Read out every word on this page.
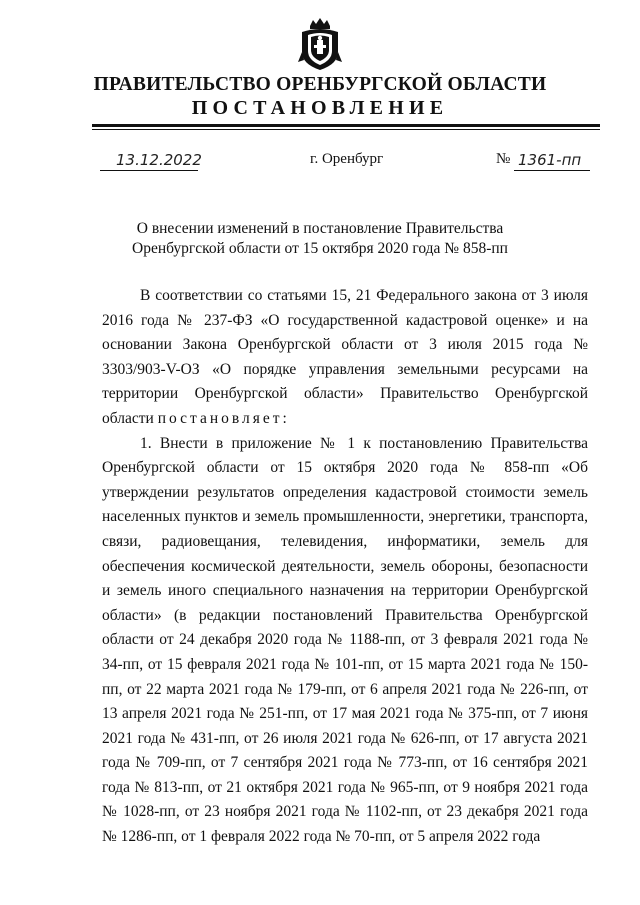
ПРАВИТЕЛЬСТВО ОРЕНБУРГСКОЙ ОБЛАСТИ
ПОСТАНОВЛЕНИЕ
13.12.2022	г. Оренбург	№ 1361-пп
О внесении изменений в постановление Правительства
Оренбургской области от 15 октября 2020 года № 858-пп

В соответствии со статьями 15, 21 Федерального закона от 3 июля 2016 года № 237-ФЗ «О государственной кадастровой оценке» и на основании Закона Оренбургской области от 3 июля 2015 года № 3303/903-V-ОЗ «О порядке управления земельными ресурсами на территории Оренбургской области» Правительство Оренбургской области постановляет:

1. Внести в приложение № 1 к постановлению Правительства Оренбургской области от 15 октября 2020 года № 858-пп «Об утверждении результатов определения кадастровой стоимости земель населенных пунктов и земель промышленности, энергетики, транспорта, связи, радиовещания, телевидения, информатики, земель для обеспечения космической деятельности, земель обороны, безопасности и земель иного специального назначения на территории Оренбургской области» (в редакции постановлений Правительства Оренбургской области от 24 декабря 2020 года № 1188-пп, от 3 февраля 2021 года № 34-пп, от 15 февраля 2021 года № 101-пп, от 15 марта 2021 года № 150-пп, от 22 марта 2021 года № 179-пп, от 6 апреля 2021 года № 226-пп, от 13 апреля 2021 года № 251-пп, от 17 мая 2021 года № 375-пп, от 7 июня 2021 года № 431-пп, от 26 июля 2021 года № 626-пп, от 17 августа 2021 года № 709-пп, от 7 сентября 2021 года № 773-пп, от 16 сентября 2021 года № 813-пп, от 21 октября 2021 года № 965-пп, от 9 ноября 2021 года № 1028-пп, от 23 ноября 2021 года № 1102-пп, от 23 декабря 2021 года № 1286-пп, от 1 февраля 2022 года № 70-пп, от 5 апреля 2022 года
